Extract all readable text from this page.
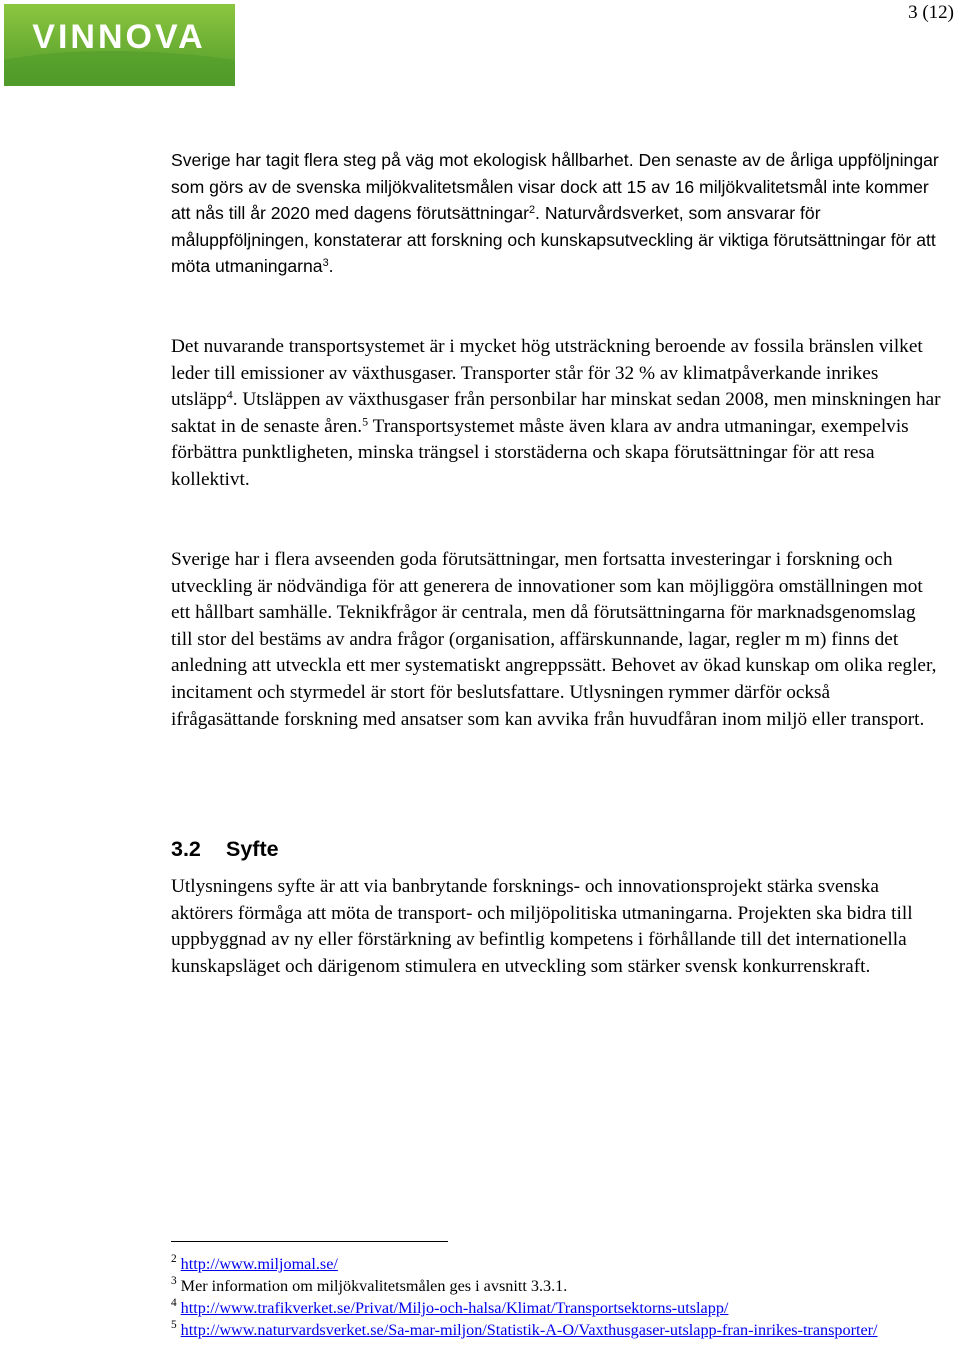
VINNOVA
3 (12)

Sverige har tagit flera steg på väg mot ekologisk hållbarhet. Den senaste av de årliga uppföljningar som görs av de svenska miljökvalitetsmålen visar dock att 15 av 16 miljökvalitetsmål inte kommer att nås till år 2020 med dagens förutsättningar$^2$. Naturvårdsverket, som ansvarar för måluppföljningen, konstaterar att forskning och kunskapsutveckling är viktiga förutsättningar för att möta utmaningarna$^3$.

Det nuvarande transportsystemet är i mycket hög utsträckning beroende av fossila bränslen vilket leder till emissioner av växthusgaser. Transporter står för 32 % av klimatpåverkande inrikes utsläpp$^4$. Utsläppen av växthusgaser från personbilar har minskat sedan 2008, men minskningen har saktat in de senaste åren.$^5$ Transportsystemet måste även klara av andra utmaningar, exempelvis förbättra punktligheten, minska trängsel i storstäderna och skapa förutsättningar för att resa kollektivt.

Sverige har i flera avseenden goda förutsättningar, men fortsatta investeringar i forskning och utveckling är nödvändiga för att generera de innovationer som kan möjliggöra omställningen mot ett hållbart samhälle. Teknikfrågor är centrala, men då förutsättningarna för marknadsgenomslag till stor del bestäms av andra frågor (organisation, affärskunnande, lagar, regler m m) finns det anledning att utveckla ett mer systematiskt angreppssätt. Behovet av ökad kunskap om olika regler, incitament och styrmedel är stort för beslutsfattare. Utlysningen rymmer därför också ifrågasättande forskning med ansatser som kan avvika från huvudfåran inom miljö eller transport.

3.2 Syfte

Utlysningens syfte är att via banbrytande forsknings- och innovationsprojekt stärka svenska aktörers förmåga att möta de transport- och miljöpolitiska utmaningarna. Projekten ska bidra till uppbyggnad av ny eller förstärkning av befintlig kompetens i förhållande till det internationella kunskapsläget och därigenom stimulera en utveckling som stärker svensk konkurrenskraft.

$^2$ http://www.miljomal.se/

$^3$ Mer information om miljökvalitetsmålen ges i avsnitt 3.3.1.

$^4$ http://www.trafikverket.se/Privat/Miljo-och-halsa/Klimat/Transportsektorns-utslapp/

$^5$ http://www.naturvardsverket.se/Sa-mar-miljon/Statistik-A-O/Vaxthusgaser-utslapp-fran-inrikes-transporter/
